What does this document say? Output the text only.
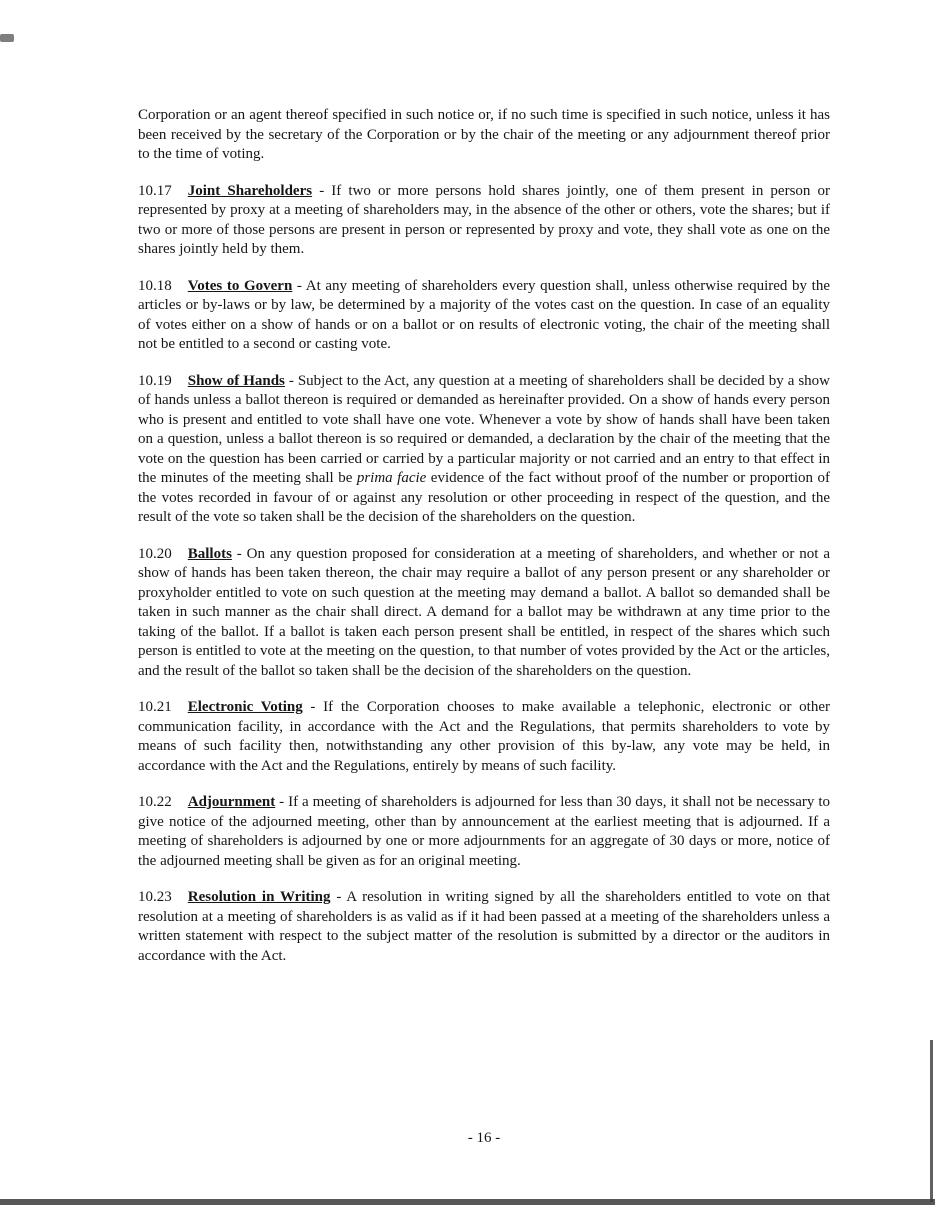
Corporation or an agent thereof specified in such notice or, if no such time is specified in such notice, unless it has been received by the secretary of the Corporation or by the chair of the meeting or any adjournment thereof prior to the time of voting.

10.17 Joint Shareholders - If two or more persons hold shares jointly, one of them present in person or represented by proxy at a meeting of shareholders may, in the absence of the other or others, vote the shares; but if two or more of those persons are present in person or represented by proxy and vote, they shall vote as one on the shares jointly held by them.

10.18 Votes to Govern - At any meeting of shareholders every question shall, unless otherwise required by the articles or by-laws or by law, be determined by a majority of the votes cast on the question. In case of an equality of votes either on a show of hands or on a ballot or on results of electronic voting, the chair of the meeting shall not be entitled to a second or casting vote.

10.19 Show of Hands - Subject to the Act, any question at a meeting of shareholders shall be decided by a show of hands unless a ballot thereon is required or demanded as hereinafter provided. On a show of hands every person who is present and entitled to vote shall have one vote. Whenever a vote by show of hands shall have been taken on a question, unless a ballot thereon is so required or demanded, a declaration by the chair of the meeting that the vote on the question has been carried or carried by a particular majority or not carried and an entry to that effect in the minutes of the meeting shall be prima facie evidence of the fact without proof of the number or proportion of the votes recorded in favour of or against any resolution or other proceeding in respect of the question, and the result of the vote so taken shall be the decision of the shareholders on the question.

10.20 Ballots - On any question proposed for consideration at a meeting of shareholders, and whether or not a show of hands has been taken thereon, the chair may require a ballot of any person present or any shareholder or proxyholder entitled to vote on such question at the meeting may demand a ballot. A ballot so demanded shall be taken in such manner as the chair shall direct. A demand for a ballot may be withdrawn at any time prior to the taking of the ballot. If a ballot is taken each person present shall be entitled, in respect of the shares which such person is entitled to vote at the meeting on the question, to that number of votes provided by the Act or the articles, and the result of the ballot so taken shall be the decision of the shareholders on the question.

10.21 Electronic Voting - If the Corporation chooses to make available a telephonic, electronic or other communication facility, in accordance with the Act and the Regulations, that permits shareholders to vote by means of such facility then, notwithstanding any other provision of this by-law, any vote may be held, in accordance with the Act and the Regulations, entirely by means of such facility.

10.22 Adjournment - If a meeting of shareholders is adjourned for less than 30 days, it shall not be necessary to give notice of the adjourned meeting, other than by announcement at the earliest meeting that is adjourned. If a meeting of shareholders is adjourned by one or more adjournments for an aggregate of 30 days or more, notice of the adjourned meeting shall be given as for an original meeting.

10.23 Resolution in Writing - A resolution in writing signed by all the shareholders entitled to vote on that resolution at a meeting of shareholders is as valid as if it had been passed at a meeting of the shareholders unless a written statement with respect to the subject matter of the resolution is submitted by a director or the auditors in accordance with the Act.

- 16 -
